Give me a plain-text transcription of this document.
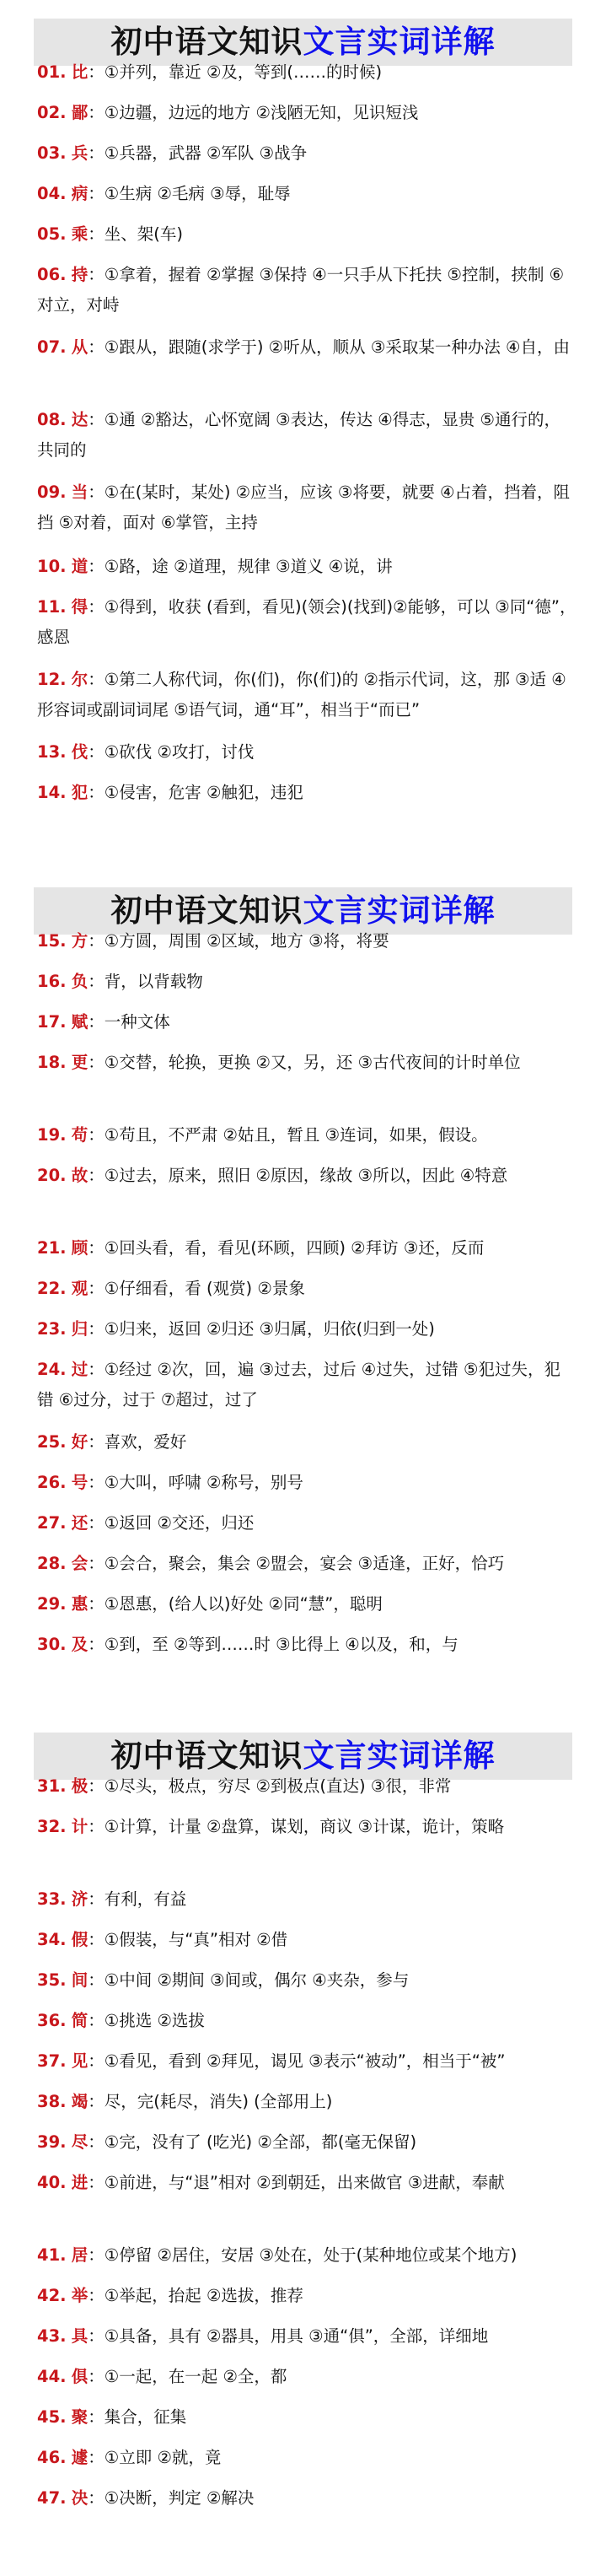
初中语文知识文言实词详解
01. 比：①并列，靠近 ②及，等到(……的时候)
02. 鄙：①边疆，边远的地方 ②浅陋无知，见识短浅
03. 兵：①兵器，武器 ②军队 ③战争
04. 病：①生病 ②毛病 ③辱，耻辱
05. 乘：坐、架(车)
06. 持：①拿着，握着 ②掌握 ③保持 ④一只手从下托扶 ⑤控制，挟制 ⑥对立，对峙
07. 从：①跟从，跟随(求学于) ②听从，顺从 ③采取某一种办法 ④自，由
08. 达：①通 ②豁达，心怀宽阔 ③表达，传达 ④得志，显贵 ⑤通行的，共同的
09. 当：①在(某时，某处) ②应当，应该 ③将要，就要 ④占着，挡着，阻挡 ⑤对着，面对 ⑥掌管，主持
10. 道：①路，途 ②道理，规律 ③道义 ④说，讲
11. 得：①得到，收获 (看到，看见)(领会)(找到)②能够，可以 ③同“德”，感恩
12. 尔：①第二人称代词，你(们)，你(们)的 ②指示代词，这，那 ③适 ④形容词或副词词尾 ⑤语气词，通“耳”，相当于“而已”
13. 伐：①砍伐 ②攻打，讨伐
14. 犯：①侵害，危害 ②触犯，违犯
初中语文知识文言实词详解
15. 方：①方圆，周围 ②区域，地方 ③将，将要
16. 负：背，以背载物
17. 赋：一种文体
18. 更：①交替，轮换，更换 ②又，另，还 ③古代夜间的计时单位
19. 苟：①苟且，不严肃 ②姑且，暂且 ③连词，如果，假设。
20. 故：①过去，原来，照旧 ②原因，缘故 ③所以，因此 ④特意
21. 顾：①回头看，看，看见(环顾，四顾) ②拜访 ③还，反而
22. 观：①仔细看，看 (观赏) ②景象
23. 归：①归来，返回 ②归还 ③归属，归依(归到一处)
24. 过：①经过 ②次，回，遍 ③过去，过后 ④过失，过错 ⑤犯过失，犯错 ⑥过分，过于 ⑦超过，过了
25. 好：喜欢，爱好
26. 号：①大叫，呼啸 ②称号，别号
27. 还：①返回 ②交还，归还
28. 会：①会合，聚会，集会 ②盟会，宴会 ③适逢，正好，恰巧
29. 惠：①恩惠，(给人以)好处 ②同“慧”，聪明
30. 及：①到，至 ②等到……时 ③比得上 ④以及，和，与
初中语文知识文言实词详解
31. 极：①尽头，极点，穷尽 ②到极点(直达) ③很，非常
32. 计：①计算，计量 ②盘算，谋划，商议 ③计谋，诡计，策略
33. 济：有利，有益
34. 假：①假装，与“真”相对 ②借
35. 间：①中间 ②期间 ③间或，偶尔 ④夹杂，参与
36. 简：①挑选 ②选拔
37. 见：①看见，看到 ②拜见，谒见 ③表示“被动”，相当于“被”
38. 竭：尽，完(耗尽，消失) (全部用上)
39. 尽：①完，没有了 (吃光) ②全部，都(毫无保留)
40. 进：①前进，与“退”相对 ②到朝廷，出来做官 ③进献，奉献
41. 居：①停留 ②居住，安居 ③处在，处于(某种地位或某个地方)
42. 举：①举起，抬起 ②选拔，推荐
43. 具：①具备，具有 ②器具，用具 ③通“俱”，全部，详细地
44. 俱：①一起，在一起 ②全，都
45. 聚：集合，征集
46. 遽：①立即 ②就，竟
47. 决：①决断，判定 ②解决
